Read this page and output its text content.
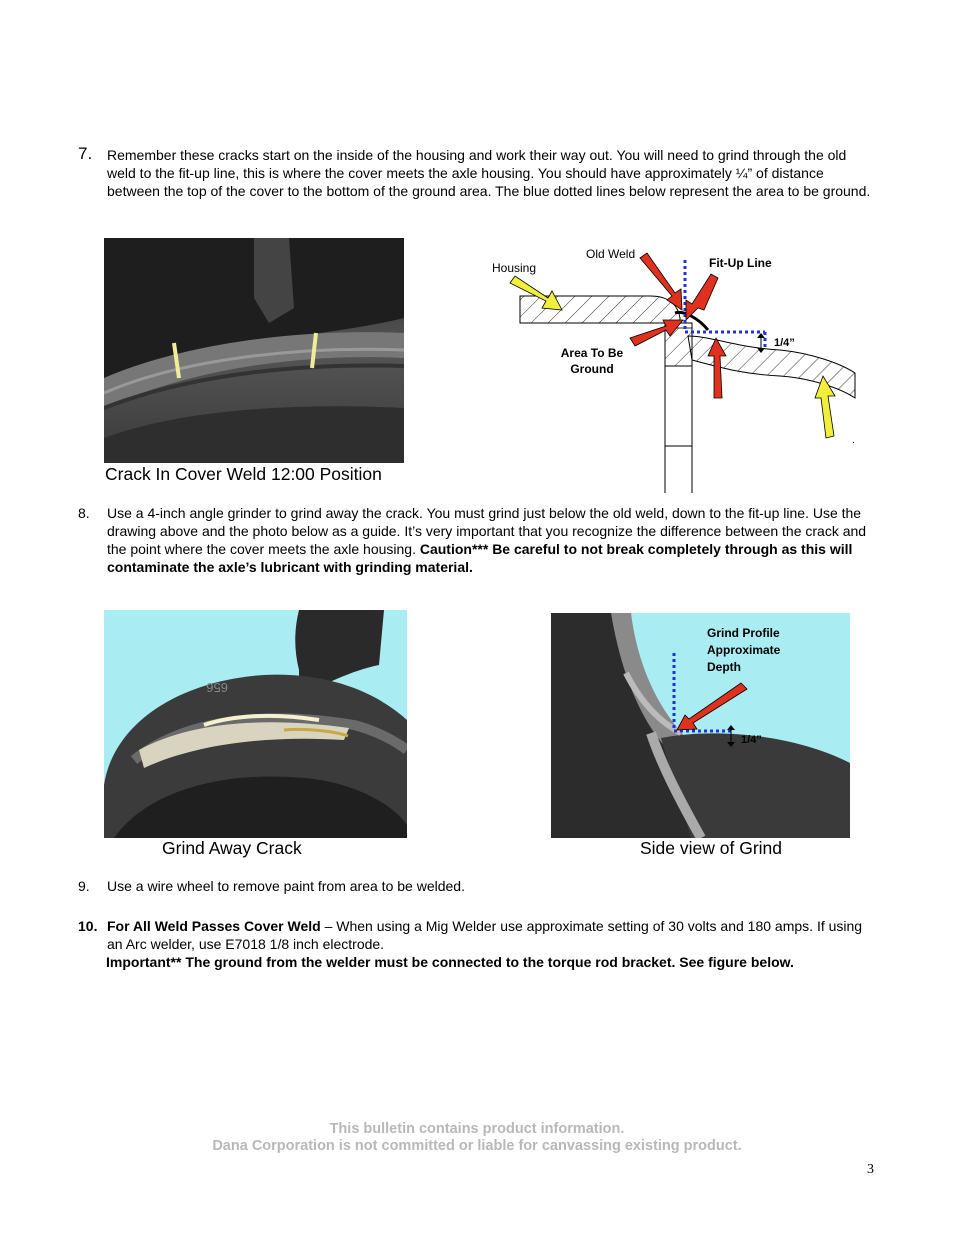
7. Remember these cracks start on the inside of the housing and work their way out. You will need to grind through the old weld to the fit-up line, this is where the cover meets the axle housing. You should have approximately ¼” of distance between the top of the cover to the bottom of the ground area. The blue dotted lines below represent the area to be ground.
Crack In Cover Weld 12:00 Position
1/4”
Housing
Old Weld
Fit-Up Line
Area To Be
Ground
.
8. Use a 4-inch angle grinder to grind away the crack. You must grind just below the old weld, down to the fit-up line. Use the drawing above and the photo below as a guide. It’s very important that you recognize the difference between the crack and the point where the cover meets the axle housing. Caution*** Be careful to not break completely through as this will contaminate the axle’s lubricant with grinding material.
656
Grind Away Crack
1/4”
Grind Profile
Approximate
Depth
Side view of Grind
9. Use a wire wheel to remove paint from area to be welded.
10. For All Weld Passes Cover Weld – When using a Mig Welder use approximate setting of 30 volts and 180 amps. If using an Arc welder, use E7018 1/8 inch electrode.
Important** The ground from the welder must be connected to the torque rod bracket. See figure below.
This bulletin contains product information.
Dana Corporation is not committed or liable for canvassing existing product.
3
